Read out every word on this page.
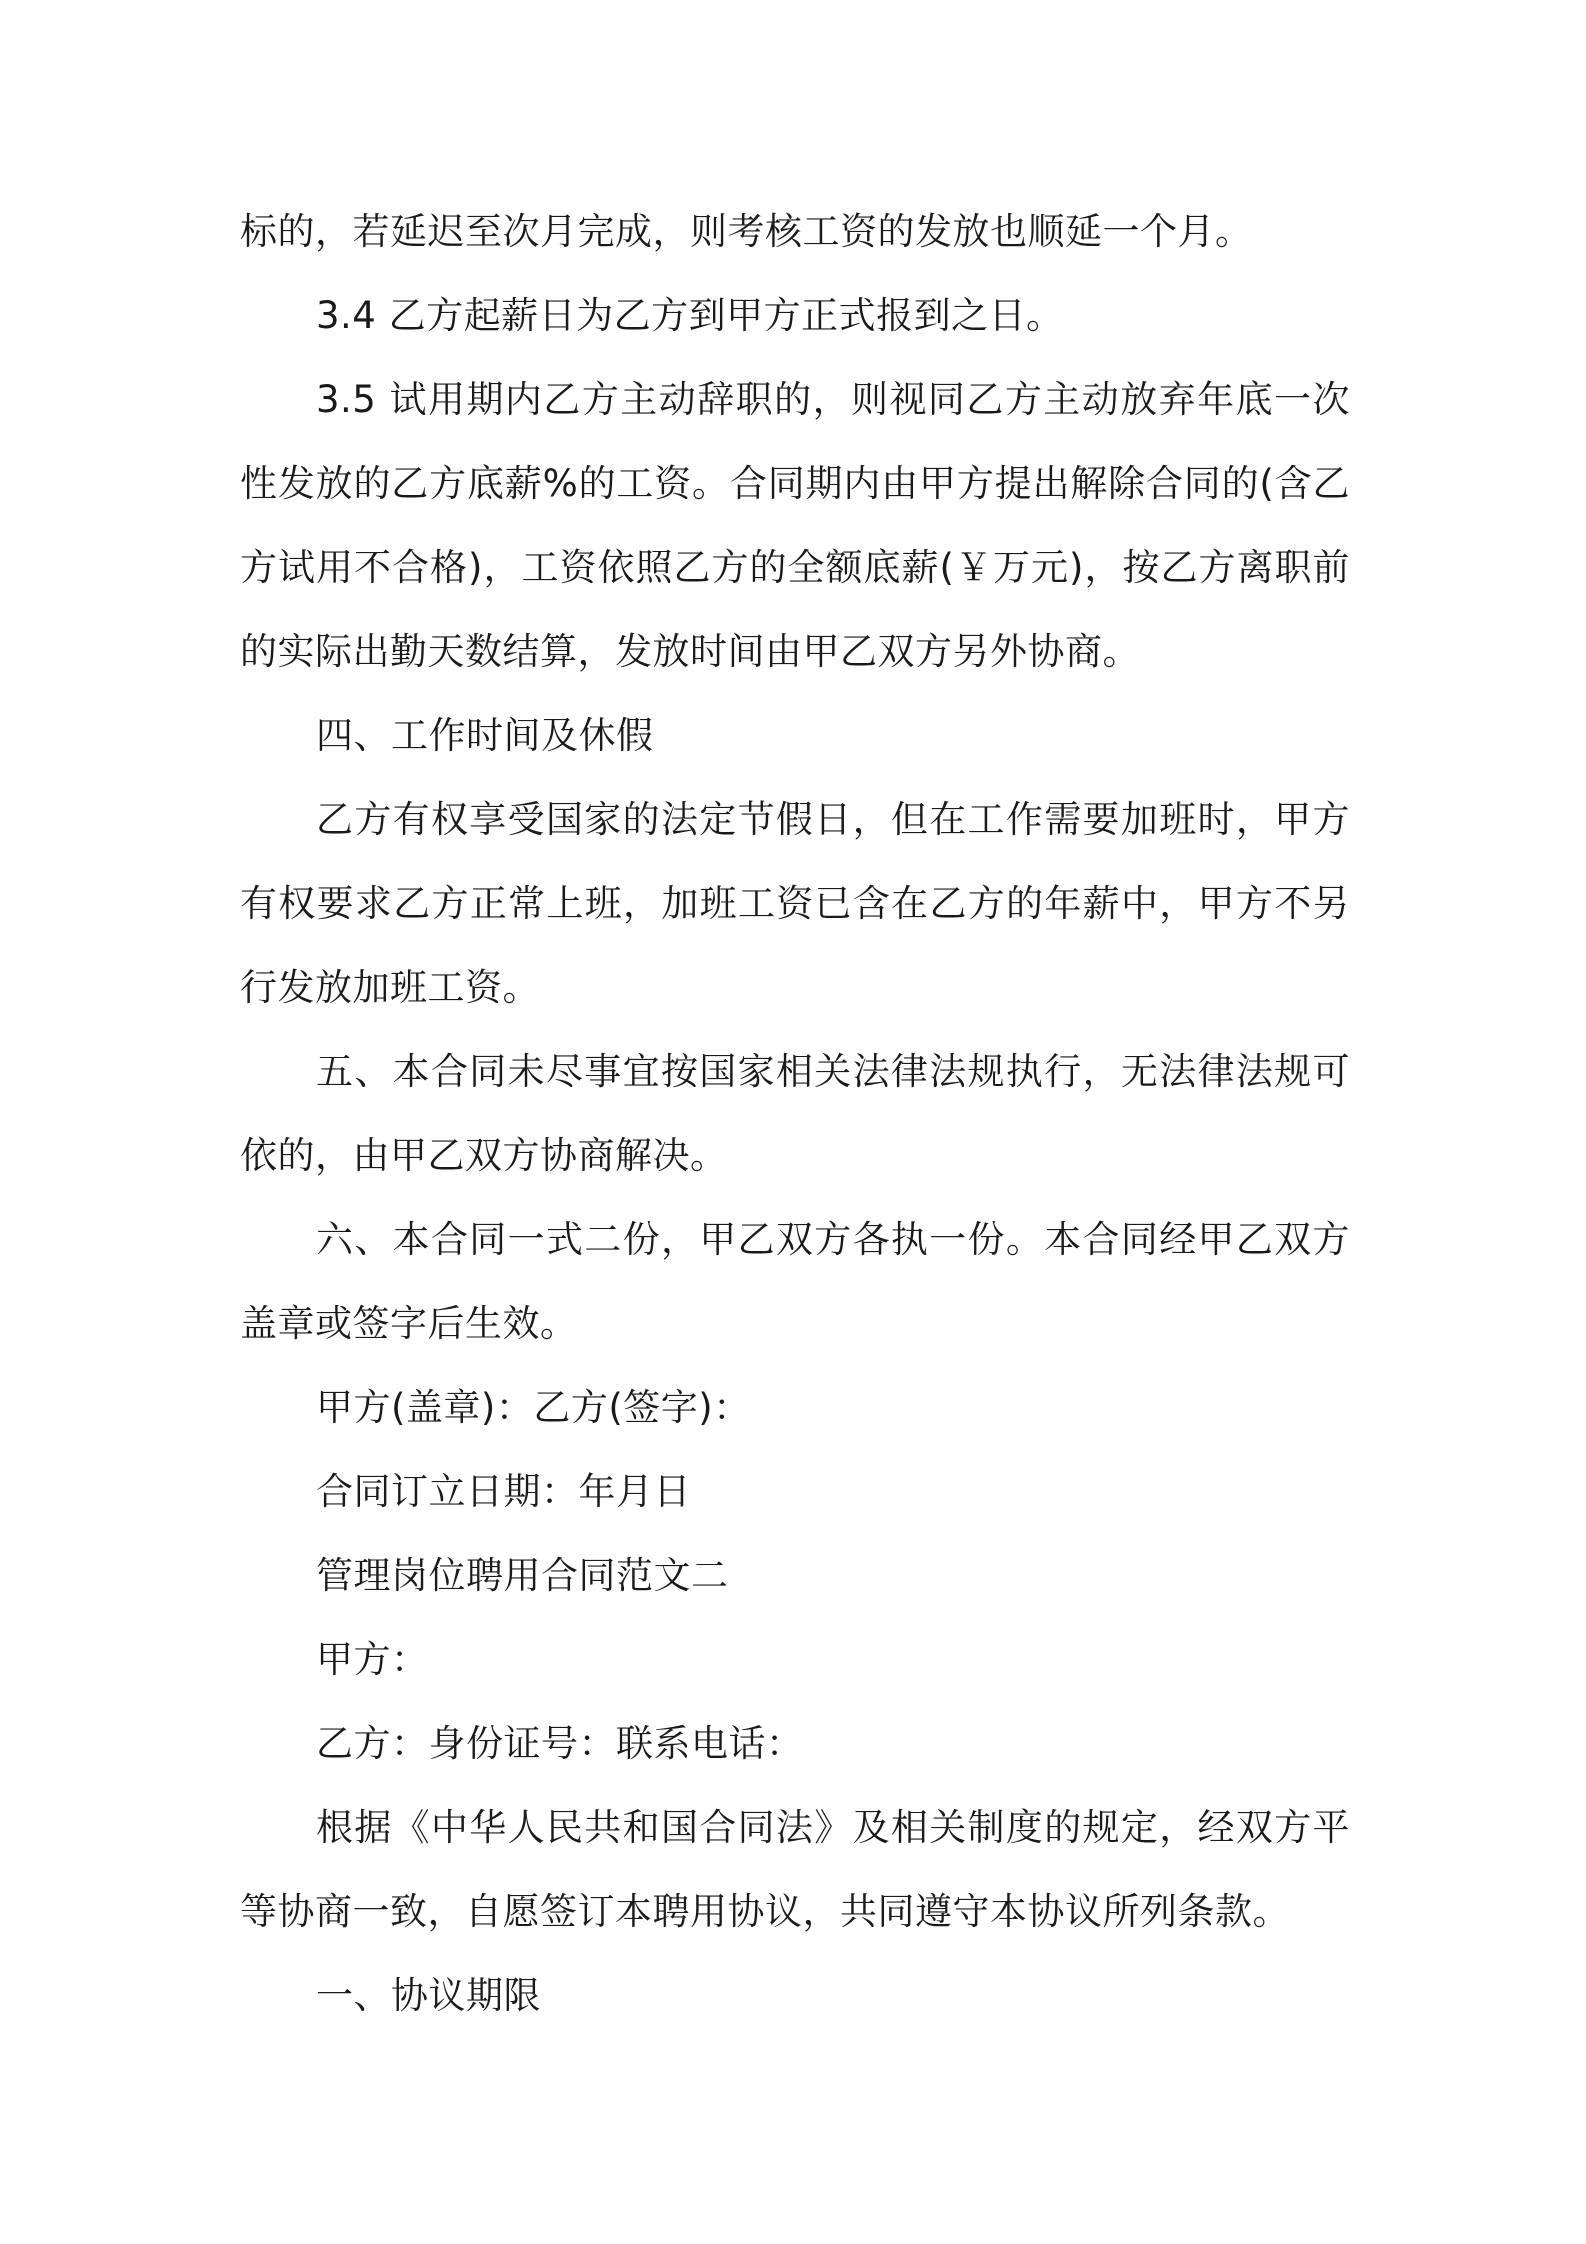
标的，若延迟至次月完成，则考核工资的发放也顺延一个月。

3.4 乙方起薪日为乙方到甲方正式报到之日。

3.5 试用期内乙方主动辞职的，则视同乙方主动放弃年底一次性发放的乙方底薪%的工资。合同期内由甲方提出解除合同的(含乙方试用不合格)，工资依照乙方的全额底薪(￥万元)，按乙方离职前的实际出勤天数结算，发放时间由甲乙双方另外协商。

四、工作时间及休假

乙方有权享受国家的法定节假日，但在工作需要加班时，甲方有权要求乙方正常上班，加班工资已含在乙方的年薪中，甲方不另行发放加班工资。

五、本合同未尽事宜按国家相关法律法规执行，无法律法规可依的，由甲乙双方协商解决。

六、本合同一式二份，甲乙双方各执一份。本合同经甲乙双方盖章或签字后生效。

甲方(盖章)：乙方(签字)：

合同订立日期：年月日

管理岗位聘用合同范文二

甲方：

乙方：身份证号：联系电话：

根据《中华人民共和国合同法》及相关制度的规定，经双方平等协商一致，自愿签订本聘用协议，共同遵守本协议所列条款。

一、协议期限
